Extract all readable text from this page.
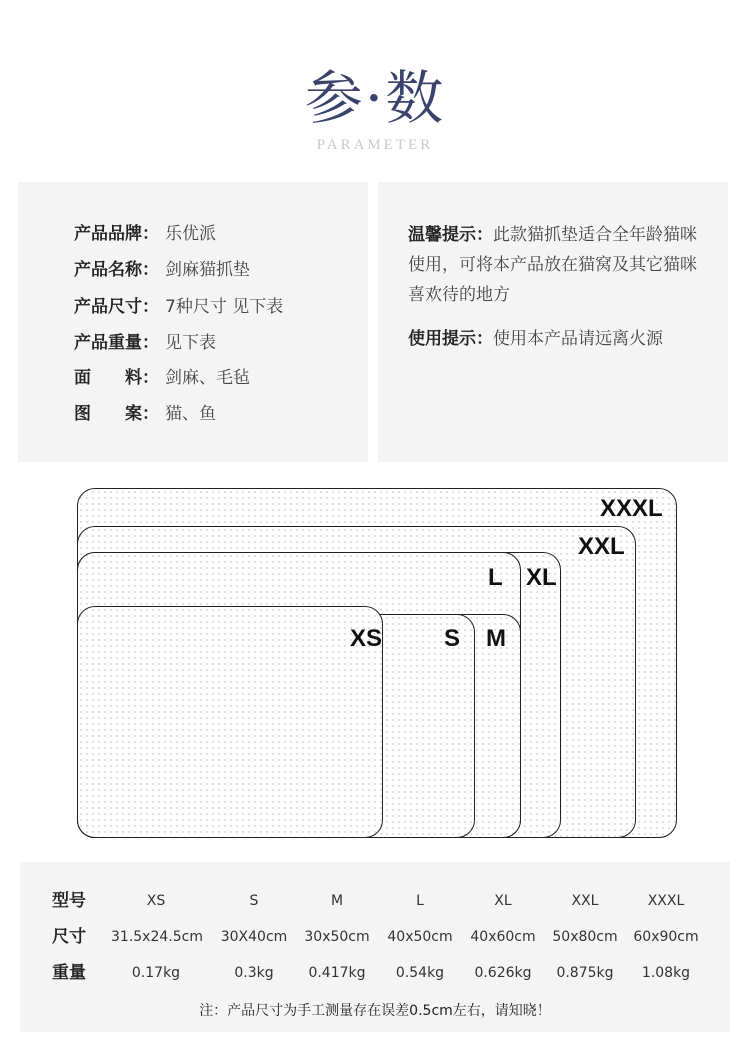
参·数
PARAMETER
产品品牌： 乐优派
产品名称： 剑麻猫抓垫
产品尺寸： 7种尺寸 见下表
产品重量： 见下表
面　　料： 剑麻、毛毡
图　　案： 猫、鱼
温馨提示：此款猫抓垫适合全年龄猫咪使用，可将本产品放在猫窝及其它猫咪喜欢待的地方
使用提示：使用本产品请远离火源
XXXL
XXL
XL
L
M
S
XS
型号	XS	S	M	L	XL	XXL	XXXL
尺寸 31.5x24.5cm	30X40cm	30x50cm	40x50cm	40x60cm	50x80cm	60x90cm
重量	0.17kg	0.3kg	0.417kg	0.54kg	0.626kg	0.875kg	1.08kg
注：产品尺寸为手工测量存在误差0.5cm左右，请知晓！
